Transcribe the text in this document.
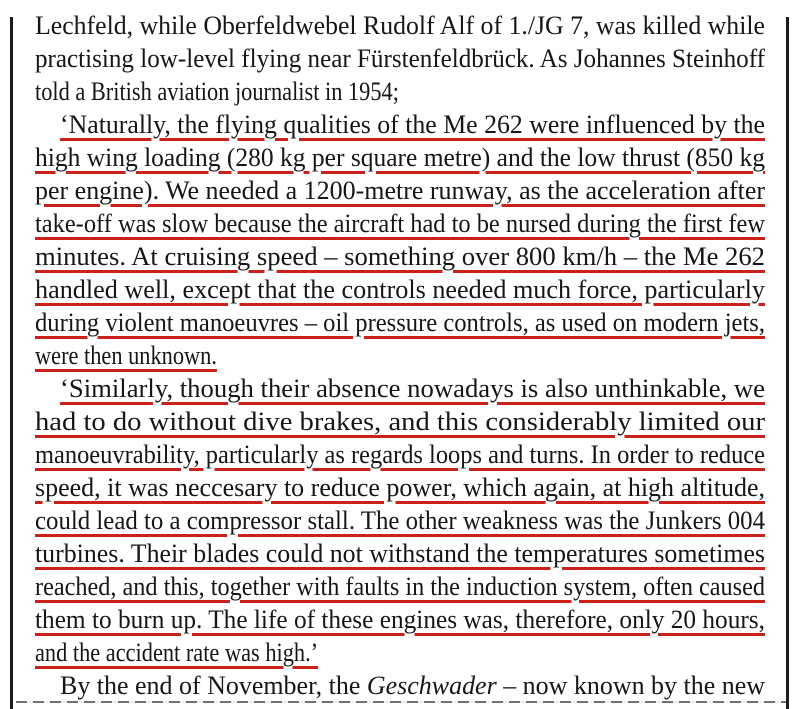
Lechfeld, while Oberfeldwebel Rudolf Alf of 1./JG 7, was killed while
practising low-level flying near Fürstenfeldbrück. As Johannes Steinhoff
told a British aviation journalist in 1954;
‘Naturally, the flying qualities of the Me 262 were influenced by the
high wing loading (280 kg per square metre) and the low thrust (850 kg
per engine). We needed a 1200-metre runway, as the acceleration after
take-off was slow because the aircraft had to be nursed during the first few
minutes. At cruising speed – something over 800 km/h – the Me 262
handled well, except that the controls needed much force, particularly
during violent manoeuvres – oil pressure controls, as used on modern jets,
were then unknown.
‘Similarly, though their absence nowadays is also unthinkable, we
had to do without dive brakes, and this considerably limited our
manoeuvrability, particularly as regards loops and turns. In order to reduce
speed, it was neccesary to reduce power, which again, at high altitude,
could lead to a compressor stall. The other weakness was the Junkers 004
turbines. Their blades could not withstand the temperatures sometimes
reached, and this, together with faults in the induction system, often caused
them to burn up. The life of these engines was, therefore, only 20 hours,
and the accident rate was high.’
By the end of November, the Geschwader – now known by the new
